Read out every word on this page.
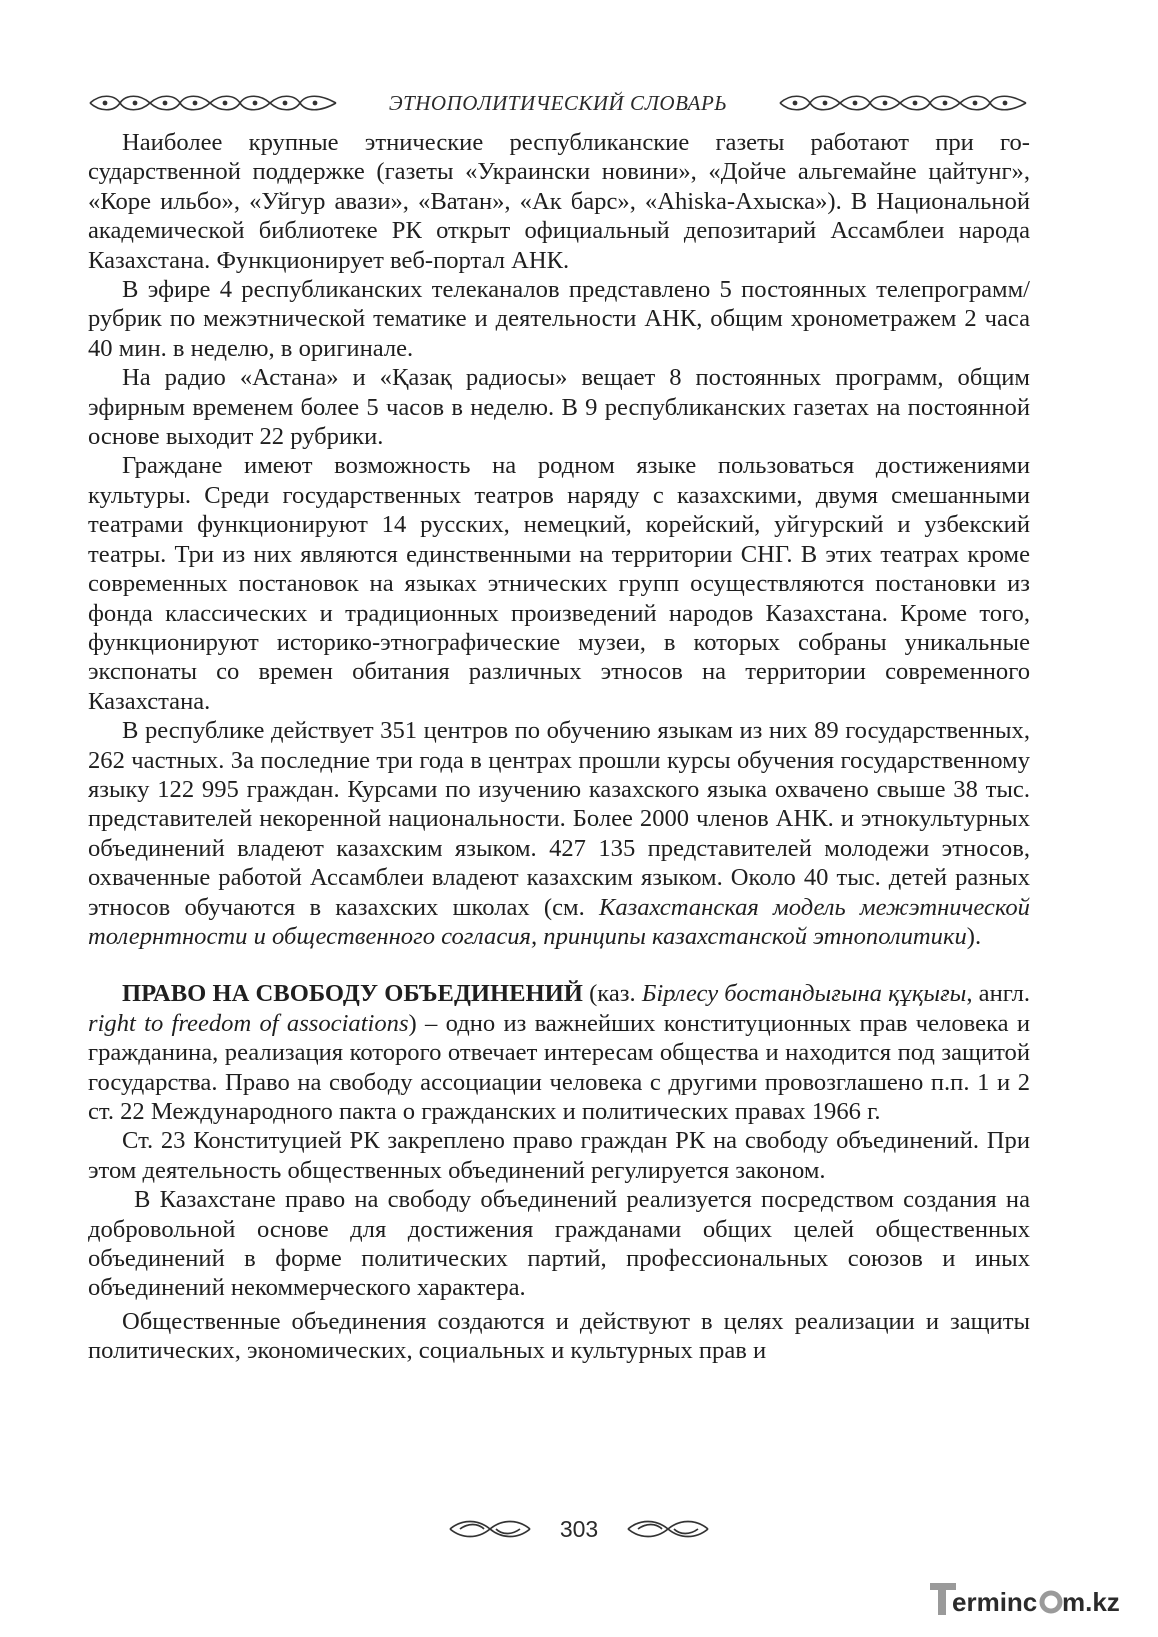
ЭТНОПОЛИТИЧЕСКИЙ СЛОВАРЬ

Наиболее крупные этнические республиканские газеты работают при государственной поддержке (газеты «Украински новини», «Дойче альгемайне цайтунг», «Коре ильбо», «Уйгур авази», «Ватан», «Ак барс», «Ahiska-Ахыска»). В Национальной академической библиотеке РК открыт официальный депозитарий Ассамблеи народа Казахстана. Функционирует веб-портал АНК.

В эфире 4 республиканских телеканалов представлено 5 постоянных телепрограмм/рубрик по межэтнической тематике и деятельности АНК, общим хронометражем 2 часа 40 мин. в неделю, в оригинале.

На радио «Астана» и «Қазақ радиосы» вещает 8 постоянных программ, общим эфирным временем более 5 часов в неделю. В 9 республиканских газетах на постоянной основе выходит 22 рубрики.

Граждане имеют возможность на родном языке пользоваться достижениями культуры. Среди государственных театров наряду с казахскими, двумя смешанными театрами функционируют 14 русских, немецкий, корейский, уйгурский и узбекский театры. Три из них являются единственными на территории СНГ. В этих театрах кроме современных постановок на языках этнических групп осуществляются постановки из фонда классических и традиционных произведений народов Казахстана. Кроме того, функционируют историко-этнографические музеи, в которых собраны уникальные экспонаты со времен обитания различных этносов на территории современного Казахстана.

В республике действует 351 центров по обучению языкам из них 89 государственных, 262 частных. За последние три года в центрах прошли курсы обучения государственному языку 122 995 граждан. Курсами по изучению казахского языка охвачено свыше 38 тыс. представителей некоренной национальности. Более 2000 членов АНК. и этнокультурных объединений владеют казахским языком. 427 135 представителей молодежи этносов, охваченные работой Ассамблеи владеют казахским языком. Около 40 тыс. детей разных этносов обучаются в казахских школах (см. Казахстанская модель межэтнической толернтности и общественного согласия, принципы казахстанской этнополитики).

ПРАВО НА СВОБОДУ ОБЪЕДИНЕНИЙ (каз. Бірлесу бостандығына құқығы, англ. right to freedom of associations) – одно из важнейших конституционных прав человека и гражданина, реализация которого отвечает интересам общества и находится под защитой государства. Право на свободу ассоциации человека с другими провозглашено п.п. 1 и 2 ст. 22 Международного пакта о гражданских и политических правах 1966 г.

Ст. 23 Конституцией РК закреплено право граждан РК на свободу объединений. Пpи этом деятельность общественных объединений регулируется законом.

В Казахстане право на свободу объединений реализуется посредством создания на добровольной основе для достижения гражданами общих целей общественных объединений в форме политических партий, профессиональных союзов и иных объединений некоммерческого характера.

Общественные объединения создаются и действуют в целях реализации и защиты политических, экономических, социальных и культурных прав и

303
erminc m.kz
